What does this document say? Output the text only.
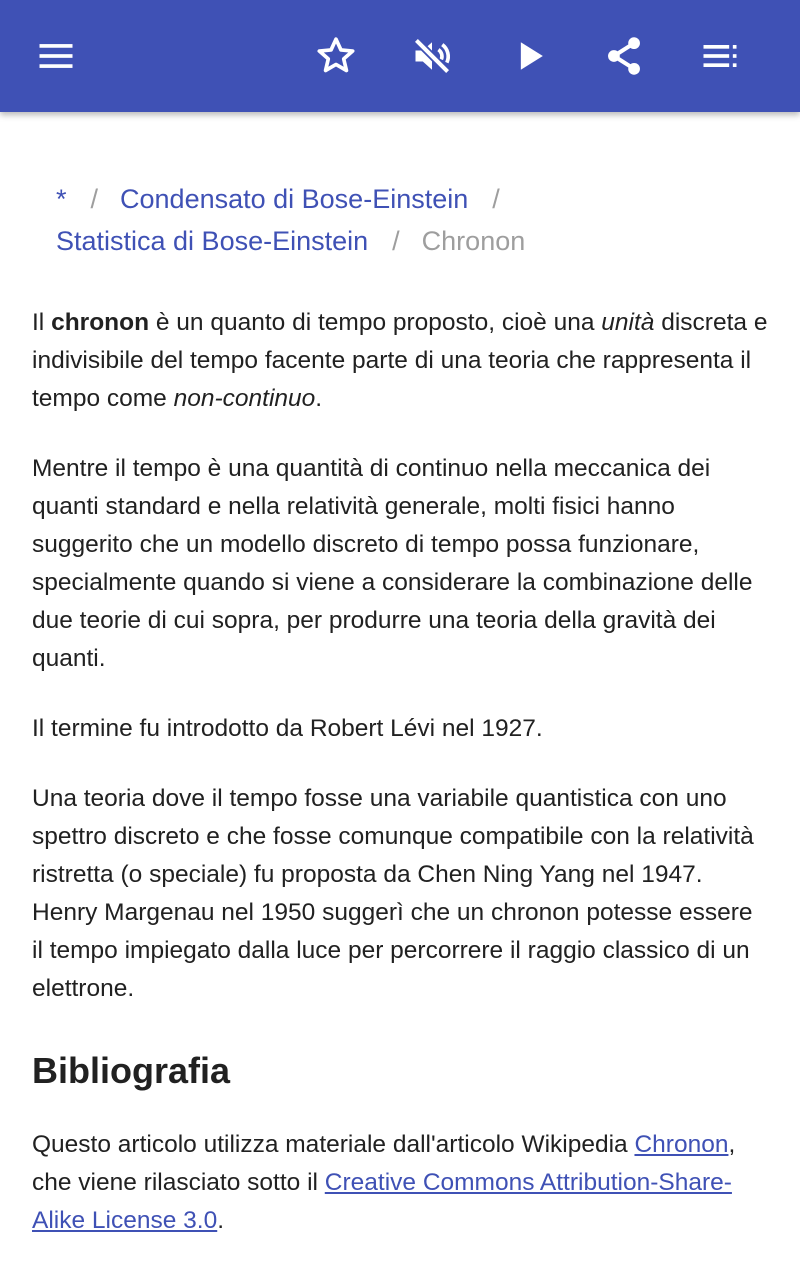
* / Condensato di Bose-Einstein /
Statistica di Bose-Einstein / Chronon

Il chronon è un quanto di tempo proposto, cioè una unità discreta e indivisibile del tempo facente parte di una teoria che rappresenta il tempo come non-continuo.

Mentre il tempo è una quantità di continuo nella meccanica dei quanti standard e nella relatività generale, molti fisici hanno suggerito che un modello discreto di tempo possa funzionare, specialmente quando si viene a considerare la combinazione delle due teorie di cui sopra, per produrre una teoria della gravità dei quanti.

Il termine fu introdotto da Robert Lévi nel 1927.

Una teoria dove il tempo fosse una variabile quantistica con uno spettro discreto e che fosse comunque compatibile con la relatività ristretta (o speciale) fu proposta da Chen Ning Yang nel 1947. Henry Margenau nel 1950 suggerì che un chronon potesse essere il tempo impiegato dalla luce per percorrere il raggio classico di un elettrone.

Bibliografia

Questo articolo utilizza materiale dall'articolo Wikipedia Chronon, che viene rilasciato sotto il Creative Commons Attribution-Share-Alike License 3.0.
